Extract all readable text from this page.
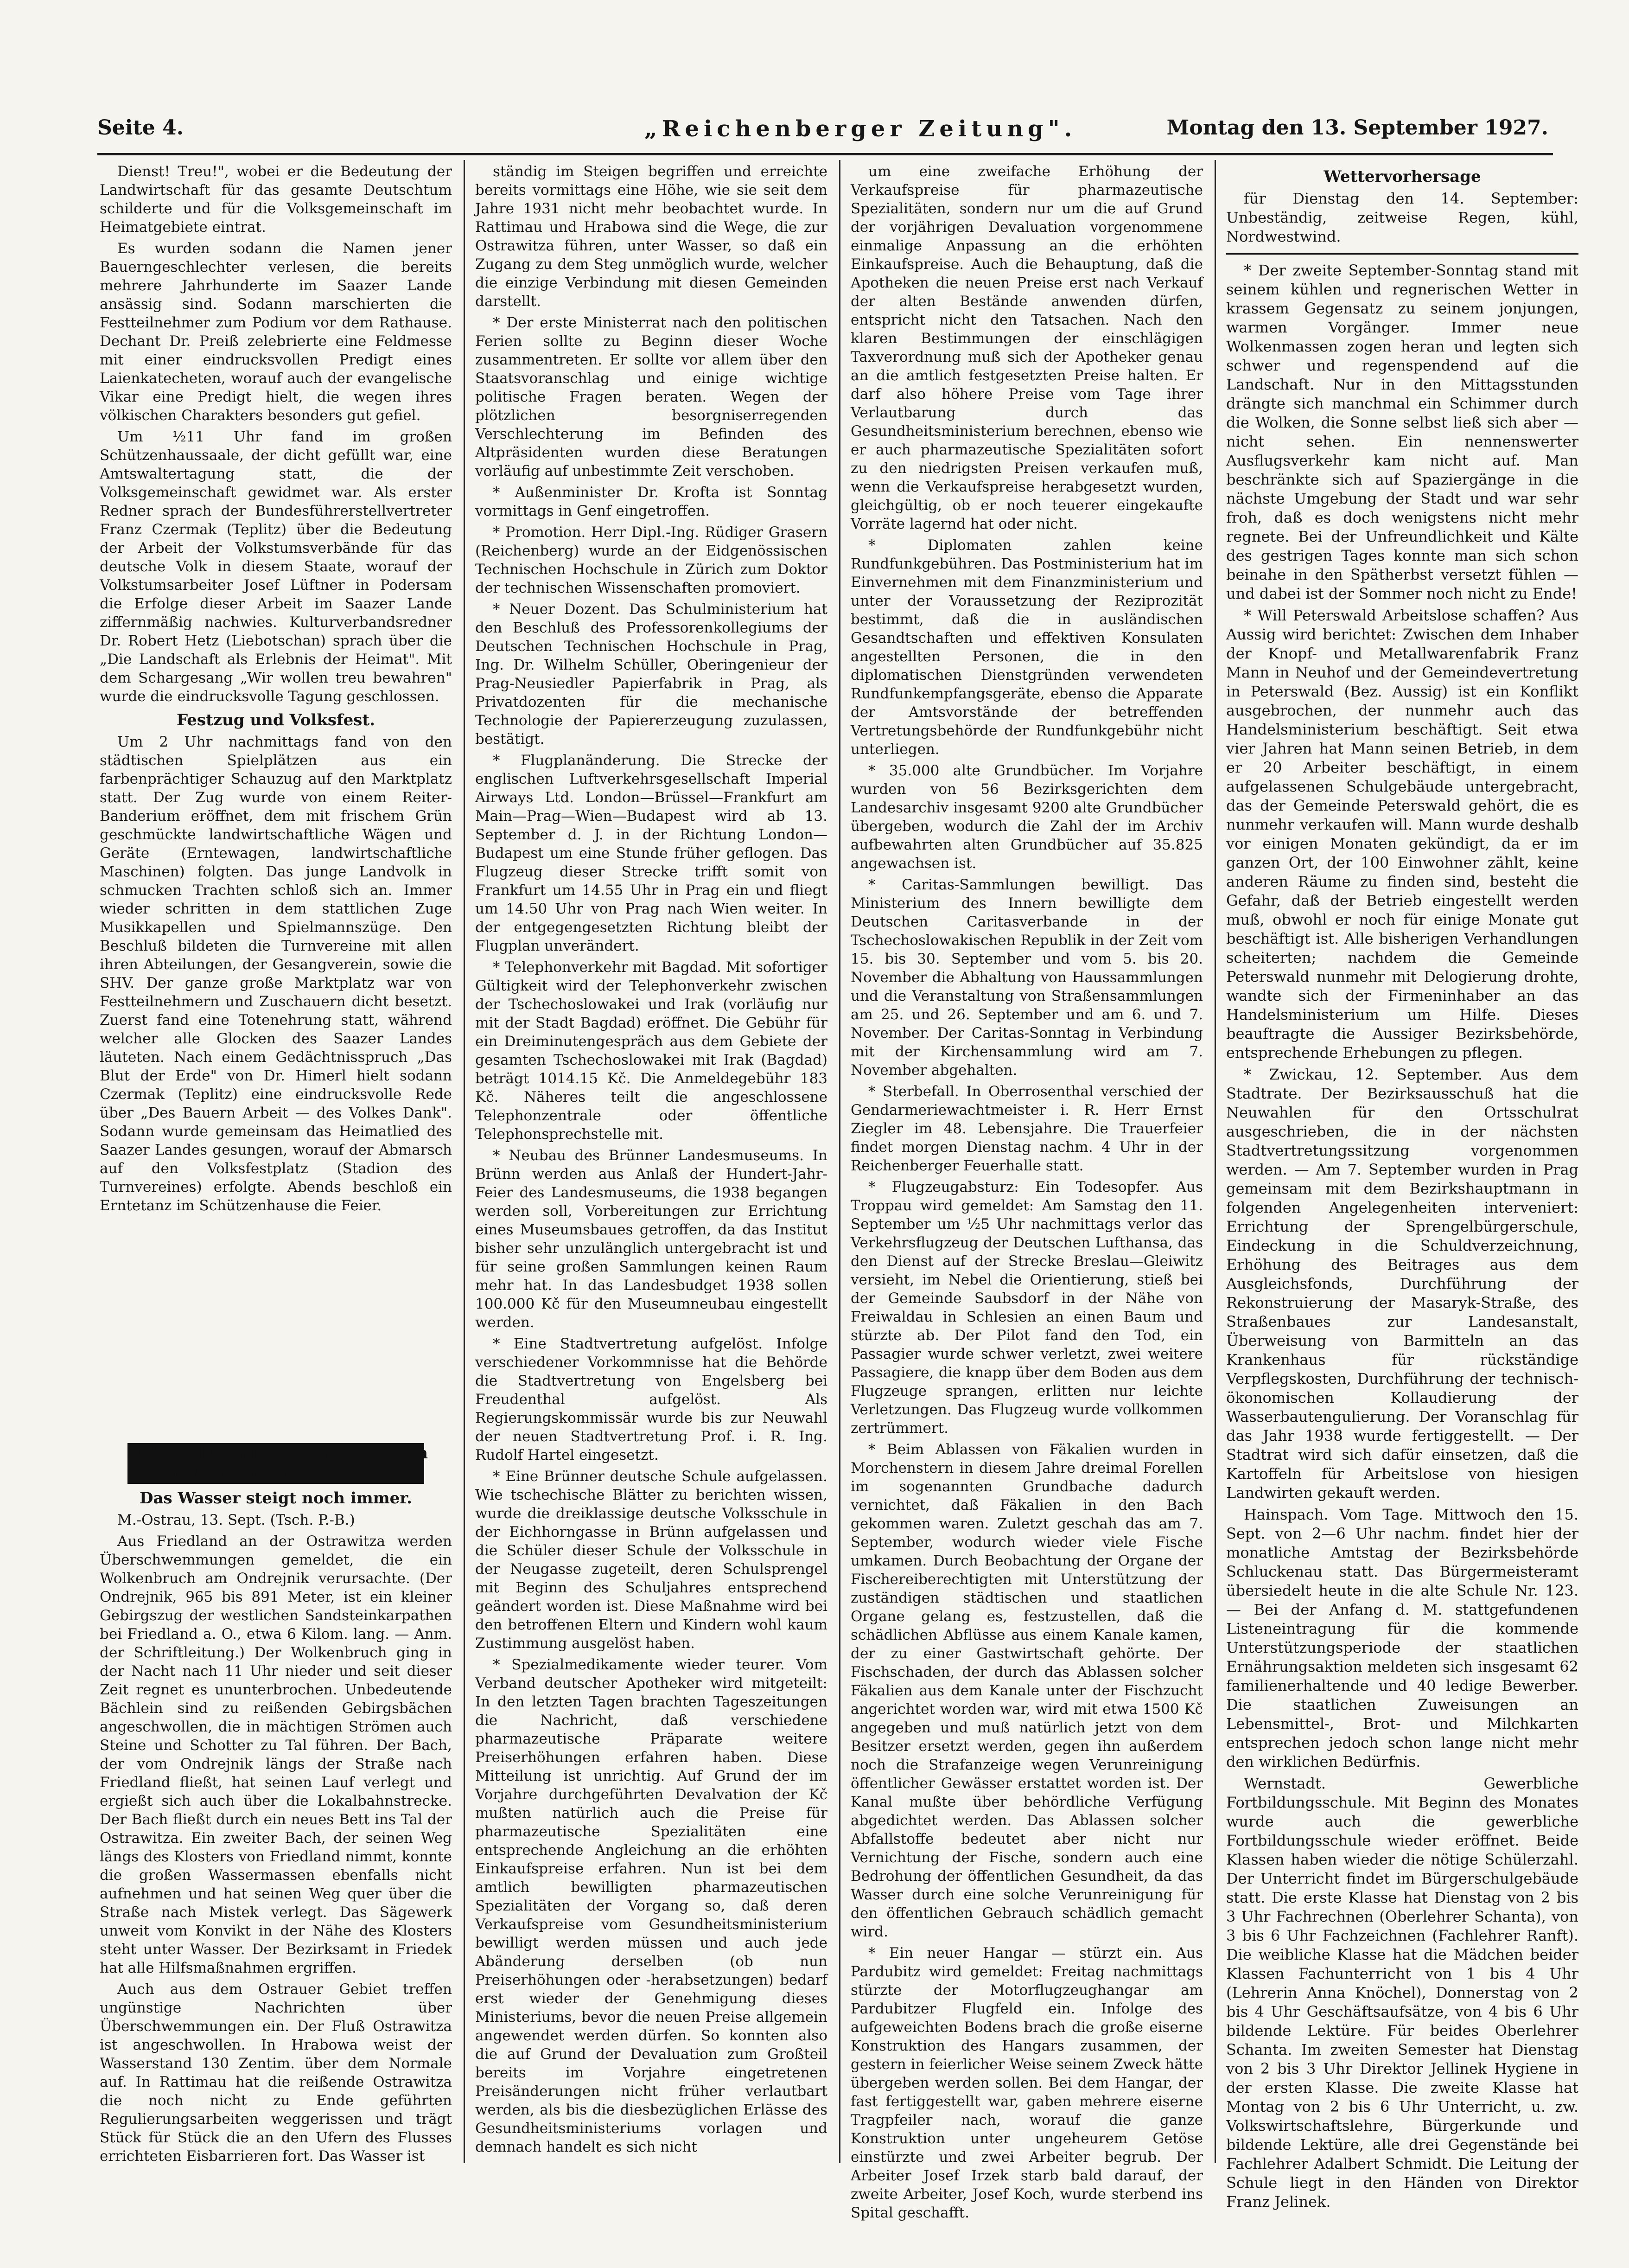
Seite 4.	„Reichenberger Zeitung".	Montag den 13. September 1927.
Dienst! Treu!", wobei er die Bedeutung der Landwirtschaft für das gesamte Deutschtum schilderte und für die Volksgemeinschaft im Heimatgebiete eintrat.
Es wurden sodann die Namen jener Bauerngeschlechter verlesen, die bereits mehrere Jahrhunderte im Saazer Lande ansässig sind. Sodann marschierten die Festteilnehmer zum Podium vor dem Rathause. Dechant Dr. Preiß zelebrierte eine Feldmesse mit einer eindrucksvollen Predigt eines Laienkatecheten, worauf auch der evangelische Vikar eine Predigt hielt, die wegen ihres völkischen Charakters besonders gut gefiel.
Um ½11 Uhr fand im großen Schützenhaussaale, der dicht gefüllt war, eine Amtswaltertagung statt, die der Volksgemeinschaft gewidmet war. Als erster Redner sprach der Bundesführerstellvertreter Franz Czermak (Teplitz) über die Bedeutung der Arbeit der Volkstumsverbände für das deutsche Volk in diesem Staate, worauf der Volkstumsarbeiter Josef Lüftner in Podersam die Erfolge dieser Arbeit im Saazer Lande ziffernmäßig nachwies. Kulturverbandsredner Dr. Robert Hetz (Liebotschan) sprach über die „Die Landschaft als Erlebnis der Heimat". Mit dem Schargesang „Wir wollen treu bewahren" wurde die eindrucksvolle Tagung geschlossen.
Festzug und Volksfest.
Um 2 Uhr nachmittags fand von den städtischen Spielplätzen aus ein farbenprächtiger Schauzug auf den Marktplatz statt. Der Zug wurde von einem Reiter-Banderium eröffnet, dem mit frischem Grün geschmückte landwirtschaftliche Wägen und Geräte (Erntewagen, landwirtschaftliche Maschinen) folgten. Das junge Landvolk in schmucken Trachten schloß sich an. Immer wieder schritten in dem stattlichen Zuge Musikkapellen und Spielmannszüge. Den Beschluß bildeten die Turnvereine mit allen ihren Abteilungen, der Gesangverein, sowie die SHV. Der ganze große Marktplatz war von Festteilnehmern und Zuschauern dicht besetzt. Zuerst fand eine Totenehrung statt, während welcher alle Glocken des Saazer Landes läuteten. Nach einem Gedächtnisspruch „Das Blut der Erde" von Dr. Himerl hielt sodann Czermak (Teplitz) eine eindrucksvolle Rede über „Des Bauern Arbeit — des Volkes Dank". Sodann wurde gemeinsam das Heimatlied des Saazer Landes gesungen, worauf der Abmarsch auf den Volksfestplatz (Stadion des Turnvereines) erfolgte. Abends beschloß ein Erntetanz im Schützenhause die Feier.
Ueberschwemmungskatastrophen in Nordostmähren.
Das Wasser steigt noch immer.
M.-Ostrau, 13. Sept. (Tsch. P.-B.)
Aus Friedland an der Ostrawitza werden Überschwemmungen gemeldet, die ein Wolkenbruch am Ondrejnik verursachte. (Der Ondrejnik, 965 bis 891 Meter, ist ein kleiner Gebirgszug der westlichen Sandsteinkarpathen bei Friedland a. O., etwa 6 Kilom. lang. — Anm. der Schriftleitung.) Der Wolkenbruch ging in der Nacht nach 11 Uhr nieder und seit dieser Zeit regnet es ununterbrochen. Unbedeutende Bächlein sind zu reißenden Gebirgsbächen angeschwollen, die in mächtigen Strömen auch Steine und Schotter zu Tal führen. Der Bach, der vom Ondrejnik längs der Straße nach Friedland fließt, hat seinen Lauf verlegt und ergießt sich auch über die Lokalbahnstrecke. Der Bach fließt durch ein neues Bett ins Tal der Ostrawitza. Ein zweiter Bach, der seinen Weg längs des Klosters von Friedland nimmt, konnte die großen Wassermassen ebenfalls nicht aufnehmen und hat seinen Weg quer über die Straße nach Mistek verlegt. Das Sägewerk unweit vom Konvikt in der Nähe des Klosters steht unter Wasser. Der Bezirksamt in Friedek hat alle Hilfsmaßnahmen ergriffen.
Auch aus dem Ostrauer Gebiet treffen ungünstige Nachrichten über Überschwemmungen ein. Der Fluß Ostrawitza ist angeschwollen. In Hrabowa weist der Wasserstand 130 Zentim. über dem Normale auf. In Rattimau hat die reißende Ostrawitza die noch nicht zu Ende geführten Regulierungsarbeiten weggerissen und trägt Stück für Stück die an den Ufern des Flusses errichteten Eisbarrieren fort. Das Wasser ist
ständig im Steigen begriffen und erreichte bereits vormittags eine Höhe, wie sie seit dem Jahre 1931 nicht mehr beobachtet wurde. In Rattimau und Hrabowa sind die Wege, die zur Ostrawitza führen, unter Wasser, so daß ein Zugang zu dem Steg unmöglich wurde, welcher die einzige Verbindung mit diesen Gemeinden darstellt.
* Der erste Ministerrat nach den politischen Ferien sollte zu Beginn dieser Woche zusammentreten. Er sollte vor allem über den Staatsvoranschlag und einige wichtige politische Fragen beraten. Wegen der plötzlichen besorgniserregenden Verschlechterung im Befinden des Altpräsidenten wurden diese Beratungen vorläufig auf unbestimmte Zeit verschoben.
* Außenminister Dr. Krofta ist Sonntag vormittags in Genf eingetroffen.
* Promotion. Herr Dipl.-Ing. Rüdiger Grasern (Reichenberg) wurde an der Eidgenössischen Technischen Hochschule in Zürich zum Doktor der technischen Wissenschaften promoviert.
* Neuer Dozent. Das Schulministerium hat den Beschluß des Professorenkollegiums der Deutschen Technischen Hochschule in Prag, Ing. Dr. Wilhelm Schüller, Oberingenieur der Prag-Neusiedler Papierfabrik in Prag, als Privatdozenten für die mechanische Technologie der Papiererzeugung zuzulassen, bestätigt.
* Flugplanänderung. Die Strecke der englischen Luftverkehrsgesellschaft Imperial Airways Ltd. London—Brüssel—Frankfurt am Main—Prag—Wien—Budapest wird ab 13. September d. J. in der Richtung London—Budapest um eine Stunde früher geflogen. Das Flugzeug dieser Strecke trifft somit von Frankfurt um 14.55 Uhr in Prag ein und fliegt um 14.50 Uhr von Prag nach Wien weiter. In der entgegengesetzten Richtung bleibt der Flugplan unverändert.
* Telephonverkehr mit Bagdad. Mit sofortiger Gültigkeit wird der Telephonverkehr zwischen der Tschechoslowakei und Irak (vorläufig nur mit der Stadt Bagdad) eröffnet. Die Gebühr für ein Dreiminutengespräch aus dem Gebiete der gesamten Tschechoslowakei mit Irak (Bagdad) beträgt 1014.15 Kč. Die Anmeldegebühr 183 Kč. Näheres teilt die angeschlossene Telephonzentrale oder öffentliche Telephonsprechstelle mit.
* Neubau des Brünner Landesmuseums. In Brünn werden aus Anlaß der Hundert-Jahr-Feier des Landesmuseums, die 1938 begangen werden soll, Vorbereitungen zur Errichtung eines Museumsbaues getroffen, da das Institut bisher sehr unzulänglich untergebracht ist und für seine großen Sammlungen keinen Raum mehr hat. In das Landesbudget 1938 sollen 100.000 Kč für den Museumneubau eingestellt werden.
* Eine Stadtvertretung aufgelöst. Infolge verschiedener Vorkommnisse hat die Behörde die Stadtvertretung von Engelsberg bei Freudenthal aufgelöst. Als Regierungskommissär wurde bis zur Neuwahl der neuen Stadtvertretung Prof. i. R. Ing. Rudolf Hartel eingesetzt.
* Eine Brünner deutsche Schule aufgelassen. Wie tschechische Blätter zu berichten wissen, wurde die dreiklassige deutsche Volksschule in der Eichhorngasse in Brünn aufgelassen und die Schüler dieser Schule der Volksschule in der Neugasse zugeteilt, deren Schulsprengel mit Beginn des Schuljahres entsprechend geändert worden ist. Diese Maßnahme wird bei den betroffenen Eltern und Kindern wohl kaum Zustimmung ausgelöst haben.
* Spezialmedikamente wieder teurer. Vom Verband deutscher Apotheker wird mitgeteilt: In den letzten Tagen brachten Tageszeitungen die Nachricht, daß verschiedene pharmazeutische Präparate weitere Preiserhöhungen erfahren haben. Diese Mitteilung ist unrichtig. Auf Grund der im Vorjahre durchgeführten Devalvation der Kč mußten natürlich auch die Preise für pharmazeutische Spezialitäten eine entsprechende Angleichung an die erhöhten Einkaufspreise erfahren. Nun ist bei dem amtlich bewilligten pharmazeutischen Spezialitäten der Vorgang so, daß deren Verkaufspreise vom Gesundheitsministerium bewilligt werden müssen und auch jede Abänderung derselben (ob nun Preiserhöhungen oder -herabsetzungen) bedarf erst wieder der Genehmigung dieses Ministeriums, bevor die neuen Preise allgemein angewendet werden dürfen. So konnten also die auf Grund der Devaluation zum Großteil bereits im Vorjahre eingetretenen Preisänderungen nicht früher verlautbart werden, als bis die diesbezüglichen Erlässe des Gesundheitsministeriums vorlagen und demnach handelt es sich nicht
um eine zweifache Erhöhung der Verkaufspreise für pharmazeutische Spezialitäten, sondern nur um die auf Grund der vorjährigen Devaluation vorgenommene einmalige Anpassung an die erhöhten Einkaufspreise. Auch die Behauptung, daß die Apotheken die neuen Preise erst nach Verkauf der alten Bestände anwenden dürfen, entspricht nicht den Tatsachen. Nach den klaren Bestimmungen der einschlägigen Taxverordnung muß sich der Apotheker genau an die amtlich festgesetzten Preise halten. Er darf also höhere Preise vom Tage ihrer Verlautbarung durch das Gesundheitsministerium berechnen, ebenso wie er auch pharmazeutische Spezialitäten sofort zu den niedrigsten Preisen verkaufen muß, wenn die Verkaufspreise herabgesetzt wurden, gleichgültig, ob er noch teuerer eingekaufte Vorräte lagernd hat oder nicht.
* Diplomaten zahlen keine Rundfunkgebühren. Das Postministerium hat im Einvernehmen mit dem Finanzministerium und unter der Voraussetzung der Reziprozität bestimmt, daß die in ausländischen Gesandtschaften und effektiven Konsulaten angestellten Personen, die in den diplomatischen Dienstgründen verwendeten Rundfunkempfangsgeräte, ebenso die Apparate der Amtsvorstände der betreffenden Vertretungsbehörde der Rundfunkgebühr nicht unterliegen.
* 35.000 alte Grundbücher. Im Vorjahre wurden von 56 Bezirksgerichten dem Landesarchiv insgesamt 9200 alte Grundbücher übergeben, wodurch die Zahl der im Archiv aufbewahrten alten Grundbücher auf 35.825 angewachsen ist.
* Caritas-Sammlungen bewilligt. Das Ministerium des Innern bewilligte dem Deutschen Caritasverbande in der Tschechoslowakischen Republik in der Zeit vom 15. bis 30. September und vom 5. bis 20. November die Abhaltung von Haussammlungen und die Veranstaltung von Straßensammlungen am 25. und 26. September und am 6. und 7. November. Der Caritas-Sonntag in Verbindung mit der Kirchensammlung wird am 7. November abgehalten.
* Sterbefall. In Oberrosenthal verschied der Gendarmeriewachtmeister i. R. Herr Ernst Ziegler im 48. Lebensjahre. Die Trauerfeier findet morgen Dienstag nachm. 4 Uhr in der Reichenberger Feuerhalle statt.
* Flugzeugabsturz: Ein Todesopfer. Aus Troppau wird gemeldet: Am Samstag den 11. September um ½5 Uhr nachmittags verlor das Verkehrsflugzeug der Deutschen Lufthansa, das den Dienst auf der Strecke Breslau—Gleiwitz versieht, im Nebel die Orientierung, stieß bei der Gemeinde Saubsdorf in der Nähe von Freiwaldau in Schlesien an einen Baum und stürzte ab. Der Pilot fand den Tod, ein Passagier wurde schwer verletzt, zwei weitere Passagiere, die knapp über dem Boden aus dem Flugzeuge sprangen, erlitten nur leichte Verletzungen. Das Flugzeug wurde vollkommen zertrümmert.
* Beim Ablassen von Fäkalien wurden in Morchenstern in diesem Jahre dreimal Forellen im sogenannten Grundbache dadurch vernichtet, daß Fäkalien in den Bach gekommen waren. Zuletzt geschah das am 7. September, wodurch wieder viele Fische umkamen. Durch Beobachtung der Organe der Fischereiberechtigten mit Unterstützung der zuständigen städtischen und staatlichen Organe gelang es, festzustellen, daß die schädlichen Abflüsse aus einem Kanale kamen, der zu einer Gastwirtschaft gehörte. Der Fischschaden, der durch das Ablassen solcher Fäkalien aus dem Kanale unter der Fischzucht angerichtet worden war, wird mit etwa 1500 Kč angegeben und muß natürlich jetzt von dem Besitzer ersetzt werden, gegen ihn außerdem noch die Strafanzeige wegen Verunreinigung öffentlicher Gewässer erstattet worden ist. Der Kanal mußte über behördliche Verfügung abgedichtet werden. Das Ablassen solcher Abfallstoffe bedeutet aber nicht nur Vernichtung der Fische, sondern auch eine Bedrohung der öffentlichen Gesundheit, da das Wasser durch eine solche Verunreinigung für den öffentlichen Gebrauch schädlich gemacht wird.
* Ein neuer Hangar — stürzt ein. Aus Pardubitz wird gemeldet: Freitag nachmittags stürzte der Motorflugzeughangar am Pardubitzer Flugfeld ein. Infolge des aufgeweichten Bodens brach die große eiserne Konstruktion des Hangars zusammen, der gestern in feierlicher Weise seinem Zweck hätte übergeben werden sollen. Bei dem Hangar, der fast fertiggestellt war, gaben mehrere eiserne Tragpfeiler nach, worauf die ganze Konstruktion unter ungeheurem Getöse einstürzte und zwei Arbeiter begrub. Der Arbeiter Josef Irzek starb bald darauf, der zweite Arbeiter, Josef Koch, wurde sterbend ins Spital geschafft.
Wettervorhersage
für Dienstag den 14. September: Unbeständig, zeitweise Regen, kühl, Nordwestwind.
* Der zweite September-Sonntag stand mit seinem kühlen und regnerischen Wetter in krassem Gegensatz zu seinem jonjungen, warmen Vorgänger. Immer neue Wolkenmassen zogen heran und legten sich schwer und regenspendend auf die Landschaft. Nur in den Mittagsstunden drängte sich manchmal ein Schimmer durch die Wolken, die Sonne selbst ließ sich aber — nicht sehen. Ein nennenswerter Ausflugsverkehr kam nicht auf. Man beschränkte sich auf Spaziergänge in die nächste Umgebung der Stadt und war sehr froh, daß es doch wenigstens nicht mehr regnete. Bei der Unfreundlichkeit und Kälte des gestrigen Tages konnte man sich schon beinahe in den Spätherbst versetzt fühlen — und dabei ist der Sommer noch nicht zu Ende!
* Will Peterswald Arbeitslose schaffen? Aus Aussig wird berichtet: Zwischen dem Inhaber der Knopf- und Metallwarenfabrik Franz Mann in Neuhof und der Gemeindevertretung in Peterswald (Bez. Aussig) ist ein Konflikt ausgebrochen, der nunmehr auch das Handelsministerium beschäftigt. Seit etwa vier Jahren hat Mann seinen Betrieb, in dem er 20 Arbeiter beschäftigt, in einem aufgelassenen Schulgebäude untergebracht, das der Gemeinde Peterswald gehört, die es nunmehr verkaufen will. Mann wurde deshalb vor einigen Monaten gekündigt, da er im ganzen Ort, der 100 Einwohner zählt, keine anderen Räume zu finden sind, besteht die Gefahr, daß der Betrieb eingestellt werden muß, obwohl er noch für einige Monate gut beschäftigt ist. Alle bisherigen Verhandlungen scheiterten; nachdem die Gemeinde Peterswald nunmehr mit Delogierung drohte, wandte sich der Firmeninhaber an das Handelsministerium um Hilfe. Dieses beauftragte die Aussiger Bezirksbehörde, entsprechende Erhebungen zu pflegen.
* Zwickau, 12. September. Aus dem Stadtrate. Der Bezirksausschuß hat die Neuwahlen für den Ortsschulrat ausgeschrieben, die in der nächsten Stadtvertretungssitzung vorgenommen werden. — Am 7. September wurden in Prag gemeinsam mit dem Bezirkshauptmann in folgenden Angelegenheiten interveniert: Errichtung der Sprengelbürgerschule, Eindeckung in die Schuldverzeichnung, Erhöhung des Beitrages aus dem Ausgleichsfonds, Durchführung der Rekonstruierung der Masaryk-Straße, des Straßenbaues zur Landesanstalt, Überweisung von Barmitteln an das Krankenhaus für rückständige Verpflegskosten, Durchführung der technisch-ökonomischen Kollaudierung der Wasserbautengulierung. Der Voranschlag für das Jahr 1938 wurde fertiggestellt. — Der Stadtrat wird sich dafür einsetzen, daß die Kartoffeln für Arbeitslose von hiesigen Landwirten gekauft werden.
Hainspach. Vom Tage. Mittwoch den 15. Sept. von 2—6 Uhr nachm. findet hier der monatliche Amtstag der Bezirksbehörde Schluckenau statt. Das Bürgermeisteramt übersiedelt heute in die alte Schule Nr. 123. — Bei der Anfang d. M. stattgefundenen Listeneintragung für die kommende Unterstützungsperiode der staatlichen Ernährungsaktion meldeten sich insgesamt 62 familienerhaltende und 40 ledige Bewerber. Die staatlichen Zuweisungen an Lebensmittel-, Brot- und Milchkarten entsprechen jedoch schon lange nicht mehr den wirklichen Bedürfnis.
Wernstadt. Gewerbliche Fortbildungsschule. Mit Beginn des Monates wurde auch die gewerbliche Fortbildungsschule wieder eröffnet. Beide Klassen haben wieder die nötige Schülerzahl. Der Unterricht findet im Bürgerschulgebäude statt. Die erste Klasse hat Dienstag von 2 bis 3 Uhr Fachrechnen (Oberlehrer Schanta), von 3 bis 6 Uhr Fachzeichnen (Fachlehrer Ranft). Die weibliche Klasse hat die Mädchen beider Klassen Fachunterricht von 1 bis 4 Uhr (Lehrerin Anna Knöchel), Donnerstag von 2 bis 4 Uhr Geschäftsaufsätze, von 4 bis 6 Uhr bildende Lektüre. Für beides Oberlehrer Schanta. Im zweiten Semester hat Dienstag von 2 bis 3 Uhr Direktor Jellinek Hygiene in der ersten Klasse. Die zweite Klasse hat Montag von 2 bis 6 Uhr Unterricht, u. zw. Volkswirtschaftslehre, Bürgerkunde und bildende Lektüre, alle drei Gegenstände bei Fachlehrer Adalbert Schmidt. Die Leitung der Schule liegt in den Händen von Direktor Franz Jelinek.
